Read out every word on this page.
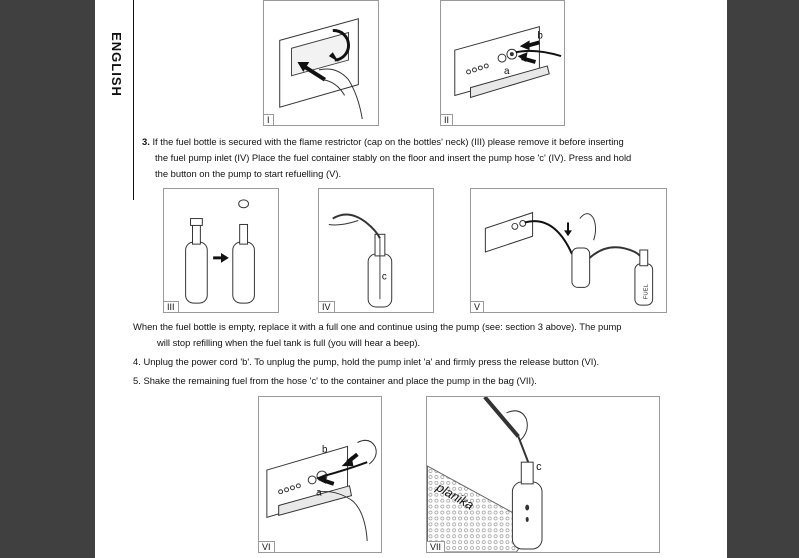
ENGLISH
I
b
a
II
3. If the fuel bottle is secured with the flame restrictor (cap on the bottles' neck) (III) please remove it before inserting
the fuel pump inlet (IV) Place the fuel container stably on the floor and insert the pump hose 'c' (IV). Press and hold
the button on the pump to start refuelling (V).
III
c
IV
FUEL
V
When the fuel bottle is empty, replace it with a full one and continue using the pump (see: section 3 above). The pump
will stop refilling when the fuel tank is full (you will hear a beep).
4. Unplug the power cord 'b'. To unplug the pump, hold the pump inlet 'a' and firmly press the release button (VI).
5. Shake the remaining fuel from the hose 'c' to the container and place the pump in the bag (VII).
b
a
VI
planika
c
VII
